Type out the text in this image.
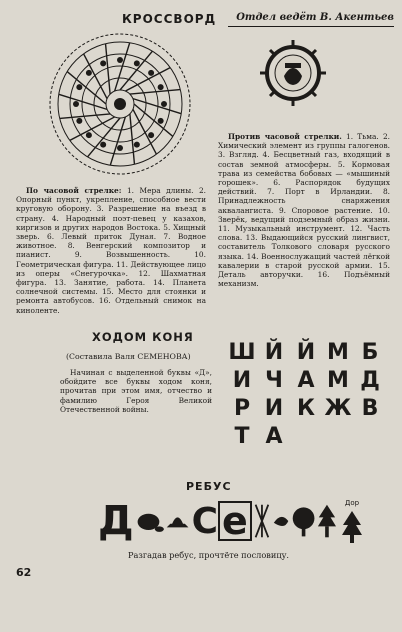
КРОССВОРД	Отдел ведёт В. Акентьев

По часовой стрелке: 1. Мера длины. 2. Опорный пункт, укрепление, способное вести круговую оборону. 3. Разрешение на въезд в страну. 4. Народный поэт-певец у казахов, киргизов и других народов Востока. 5. Хищный зверь. 6. Левый приток Дуная. 7. Водное животное. 8. Венгерский композитор и пианист. 9. Возвышенность. 10. Геометрическая фигура. 11. Действующее лицо из оперы «Снегурочка». 12. Шахматная фигура. 13. Занятие, работа. 14. Планета солнечной системы. 15. Место для стоянки и ремонта автобусов. 16. Отдельный снимок на киноленте.

Против часовой стрелки. 1. Тьма. 2. Химический элемент из группы галогенов. 3. Взгляд. 4. Бесцветный газ, входящий в состав земной атмосферы. 5. Кормовая трава из семейства бобовых — «мышиный горошек». 6. Распорядок будущих действий. 7. Порт в Ирландии. 8. Принадлежность снаряжения аквалангиста. 9. Споровое растение. 10. Зверёк, ведущий подземный образ жизни. 11. Музыкальный инструмент. 12. Часть слова. 13. Выдающийся русский лингвист, составитель Толкового словаря русского языка. 14. Военнослужащий частей лёгкой кавалерии в старой русской армии. 15. Деталь авторучки. 16. Подъёмный механизм.

ХОДОМ КОНЯ
(Составила Валя СЕМЕНОВА)

Начиная с выделенной буквы «Д», обойдите все буквы ходом коня, прочитав при этом имя, отчество и фамилию Героя Великой Отечественной войны.

Ш Й Й М Б
И Ч А М Д
Р И К Ж В
Т А
РЕБУС
Д С е	Дор
Разгадав ребус, прочтёте пословицу.
62
